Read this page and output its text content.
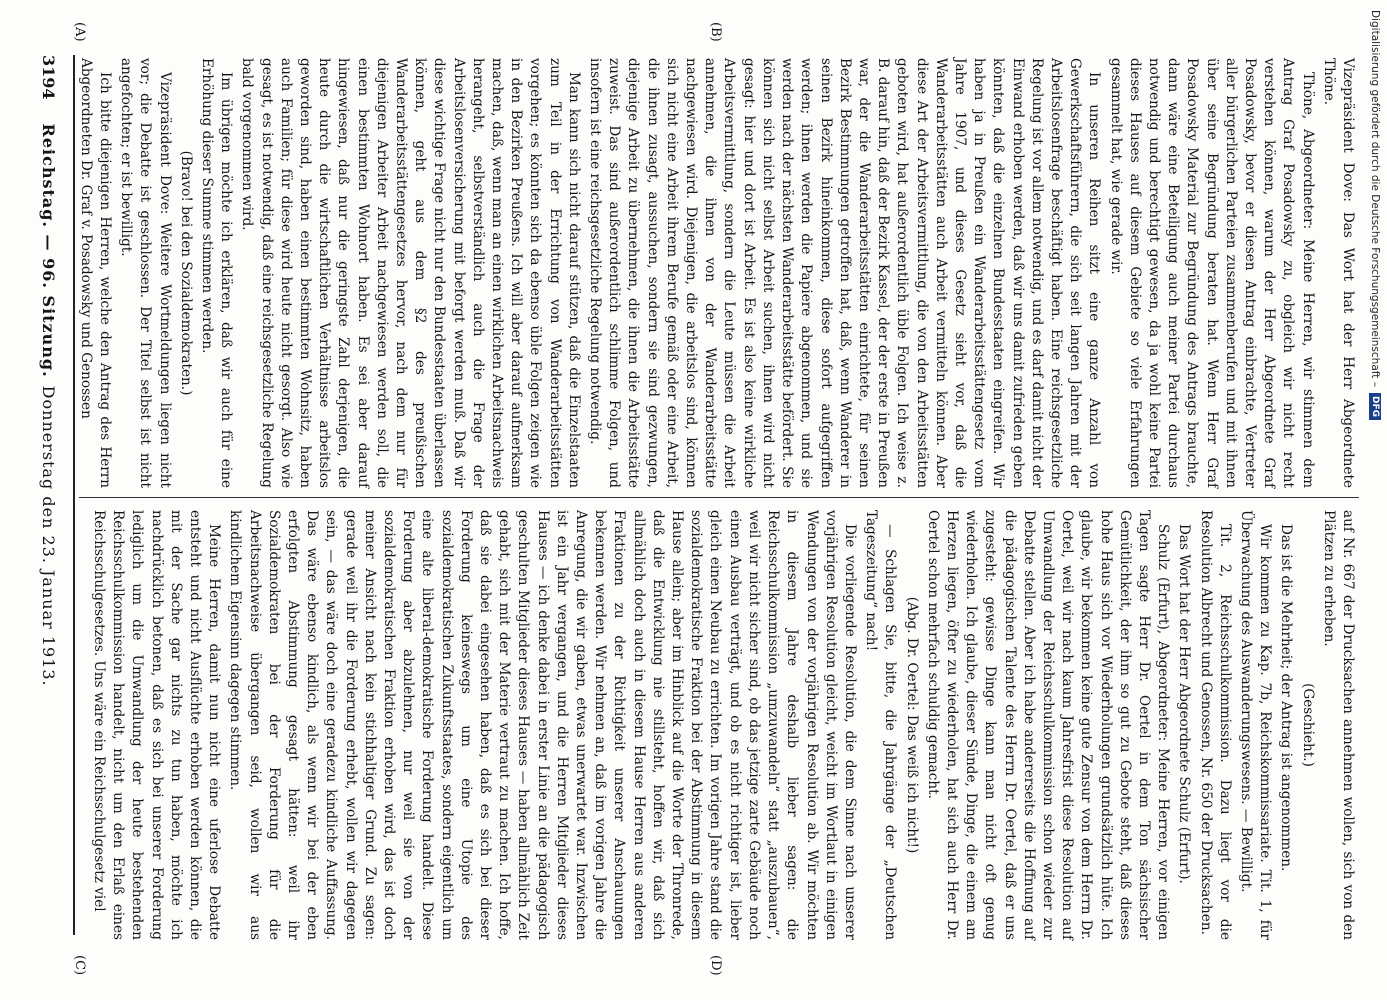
3194
Reichstag. — 96. Sitzung.
Donnerstag den 23. Januar 1913.
(A)	(B)
(C)	(D)

Vizepräsident Dove: Das Wort hat der Herr Abgeordnete Thöne.

Thöne, Abgeordneter: Meine Herren, wir stimmen dem Antrag Graf Posadowsky zu, obgleich wir nicht recht verstehen können, warum der Herr Abgeordnete Graf Posadowsky, bevor er diesen Antrag einbrachte, Vertreter aller bürgerlichen Parteien zusammenberufen und mit ihnen über seine Begründung beraten hat. Wenn Herr Graf Posadowsky Material zur Begründung des Antrags brauchte, dann wäre eine Beteiligung auch meiner Partei durchaus notwendig und berechtigt gewesen, da ja wohl keine Partei dieses Hauses auf diesem Gebiete so viele Erfahrungen gesammelt hat, wie gerade wir.

In unseren Reihen sitzt eine ganze Anzahl von Gewerkschaftsführern, die sich seit langen Jahren mit der Arbeitslosenfrage beschäftigt haben. Eine reichsgesetzliche Regelung ist vor allem notwendig, und es darf damit nicht der Einwand erhoben werden, daß wir uns damit zufrieden geben könnten, daß die einzelnen Bundesstaaten eingreifen. Wir haben ja in Preußen ein Wanderarbeitsstättengesetz vom Jahre 1907, und dieses Gesetz sieht vor, daß die Wanderarbeitsstätten auch Arbeit vermitteln können. Aber diese Art der Arbeitsvermittlung, die von den Arbeitsstätten geboten wird, hat außerordentlich üble Folgen. Ich weise z. B. darauf hin, daß der Bezirk Kassel, der der erste in Preußen war, der die Wanderarbeitsstätten einrichtete, für seinen Bezirk Bestimmungen getroffen hat, daß, wenn Wanderer in seinen Bezirk hineinkommen, diese sofort aufgegriffen werden; ihnen werden die Papiere abgenommen, und sie werden nach der nächsten Wanderarbeitsstätte befördert. Sie können sich nicht selbst Arbeit suchen, ihnen wird nicht gesagt: hier und dort ist Arbeit. Es ist also keine wirkliche Arbeitsvermittlung, sondern die Leute müssen die Arbeit annehmen, die ihnen von der Wanderarbeitsstätte nachgewiesen wird. Diejenigen, die arbeitslos sind, können sich nicht eine Arbeit ihrem Berufe gemäß oder eine Arbeit, die ihnen zusagt, aussuchen, sondern sie sind gezwungen, diejenige Arbeit zu übernehmen, die ihnen die Arbeitsstätte zuweist. Das sind außerordentlich schlimme Folgen, und insofern ist eine reichsgesetzliche Regelung notwendig.

Man kann sich nicht darauf stützen, daß die Einzelstaaten zum Teil in der Errichtung von Wanderarbeitsstätten vorgehen; es könnten sich da ebenso üble Folgen zeigen wie in den Bezirken Preußens. Ich will aber darauf aufmerksam machen, daß, wenn man an einen wirklichen Arbeitsnachweis herangeht, selbstverständlich auch die Frage der Arbeitslosenversicherung mit beforgt werden muß. Daß wir diese wichtige Frage nicht nur den Bundesstaaten überlassen können, geht aus dem §2 des preußischen Wanderarbeitsstättengesetzes hervor, nach dem nur für diejenigen Arbeiter Arbeit nachgewiesen werden soll, die einen bestimmten Wohnort haben. Es sei aber darauf hingewiesen, daß nur die geringste Zahl derjenigen, die heute durch die wirtschaftlichen Verhältnisse arbeitslos geworden sind, haben einen bestimmten Wohnsitz, haben auch Familien; für diese wird heute nicht gesorgt. Also wie gesagt, es ist notwendig, daß eine reichsgesetzliche Regelung bald vorgenommen wird.

Im übrigen möchte ich erklären, daß wir auch für eine Erhöhung dieser Summe stimmen werden.

(Bravo! bei den Sozialdemokraten.)

Vizepräsident Dove: Weitere Wortmeldungen liegen nicht vor; die Debatte ist geschlossen. Der Titel selbst ist nicht angefochten; er ist bewilligt.

Ich bitte diejenigen Herren, welche den Antrag des Herrn Abgeordneten Dr. Graf v. Posadowsky und Genossen

auf Nr. 667 der Drucksachen annehmen wollen, sich von den Plätzen zu erheben.

(Geschieht.)

Das ist die Mehrheit; der Antrag ist angenommen.

Wir kommen zu Kap. 7b, Reichskommissariate. Tit. 1, für Überwachung des Auswanderungswesens. — Bewilligt.

Tit. 2, Reichsschulkommission. Dazu liegt vor die Resolution Albrecht und Genossen, Nr. 650 der Drucksachen.

Das Wort hat der Herr Abgeordnete Schulz (Erfurt).

Schulz (Erfurt), Abgeordneter: Meine Herren, vor einigen Tagen sagte Herr Dr. Oertel in dem Ton sächsischer Gemütlichkeit, der ihm so gut zu Gebote steht, daß dieses hohe Haus sich vor Wiederholungen grundsätzlich hüte. Ich glaube, wir bekommen keine gute Zensur von dem Herrn Dr. Oertel, weil wir nach kaum Jahresfrist diese Resolution auf Umwandlung der Reichsschulkommission schon wieder zur Debatte stellen. Aber ich habe andererseits die Hoffnung auf die pädagogischen Talente des Herrn Dr. Oertel, daß er uns zugesteht: gewisse Dinge kann man nicht oft genug wiederholen. Ich glaube, dieser Sünde, Dinge, die einem am Herzen liegen, öfter zu wiederholen, hat sich auch Herr Dr. Oertel schon mehrfach schuldig gemacht.

(Abg. Dr. Oertel: Das weiß ich nicht!)

— Schlagen Sie, bitte, die Jahrgänge der „Deutschen Tageszeitung“ nach!

Die vorliegende Resolution, die dem Sinne nach unserer vorjährigen Resolution gleicht, weicht im Wortlaut in einigen Wendungen von der vorjährigen Resolution ab. Wir möchten in diesem Jahre deshalb lieber sagen: die Reichsschulkommission „umzuwandeln“ statt „auszubauen“, weil wir nicht sicher sind, ob das jetzige zarte Gebäude noch einen Ausbau verträgt, und ob es nicht richtiger ist, lieber gleich einen Neubau zu errichten. Im vorigen Jahre stand die sozialdemokratische Fraktion bei der Abstimmung in diesem Hause allein; aber im Hinblick auf die Worte der Thronrede, daß die Entwicklung nie stillsteht, hoffen wir, daß sich allmählich doch auch in diesem Hause Herren aus anderen Fraktionen zu der Richtigkeit unserer Anschauungen bekennen werden. Wir nehmen an, daß im vorigen Jahre die Anregung, die wir gaben, etwas unerwartet war. Inzwischen ist ein Jahr vergangen, und die Herren Mitglieder dieses Hauses — ich denke dabei in erster Linie an die pädagogisch geschulten Mitglieder dieses Hauses — haben allmählich Zeit gehabt, sich mit der Materie vertraut zu machen. Ich hoffe, daß sie dabei eingesehen haben, daß es sich bei dieser Forderung keineswegs um eine Utopie des sozialdemokratischen Zukunftsstaates, sondern eigentlich um eine alte liberal-demokratische Forderung handelt. Diese Forderung aber abzulehnen, nur weil sie von der sozialdemokratischen Fraktion erhoben wird, das ist doch meiner Ansicht nach kein stichhaltiger Grund. Zu sagen: gerade weil ihr die Forderung erhebt, wollen wir dagegen sein, — das wäre doch eine geradezu kindliche Auffassung. Das wäre ebenso kindlich, als wenn wir bei der eben erfolgten Abstimmung gesagt hätten: weil ihr Sozialdemokraten bei der Forderung für die Arbeitsnachweise übergangen seid, wollen wir aus kindlichem Eigensinn dagegen stimmen.

Meine Herren, damit nun nicht eine uferlose Debatte entsteht und nicht Ausflüchte erhoben werden können, die mit der Sache gar nichts zu tun haben, möchte ich nachdrücklich betonen, daß es sich bei unserer Forderung lediglich um die Umwandlung der heute bestehenden Reichsschulkommission handelt, nicht um den Erlaß eines Reichsschulgesetzes. Uns wäre ein Reichsschulgesetz viel

Digitalisierung gefördert durch die Deutsche Forschungsgemeinschaft –
DFG
